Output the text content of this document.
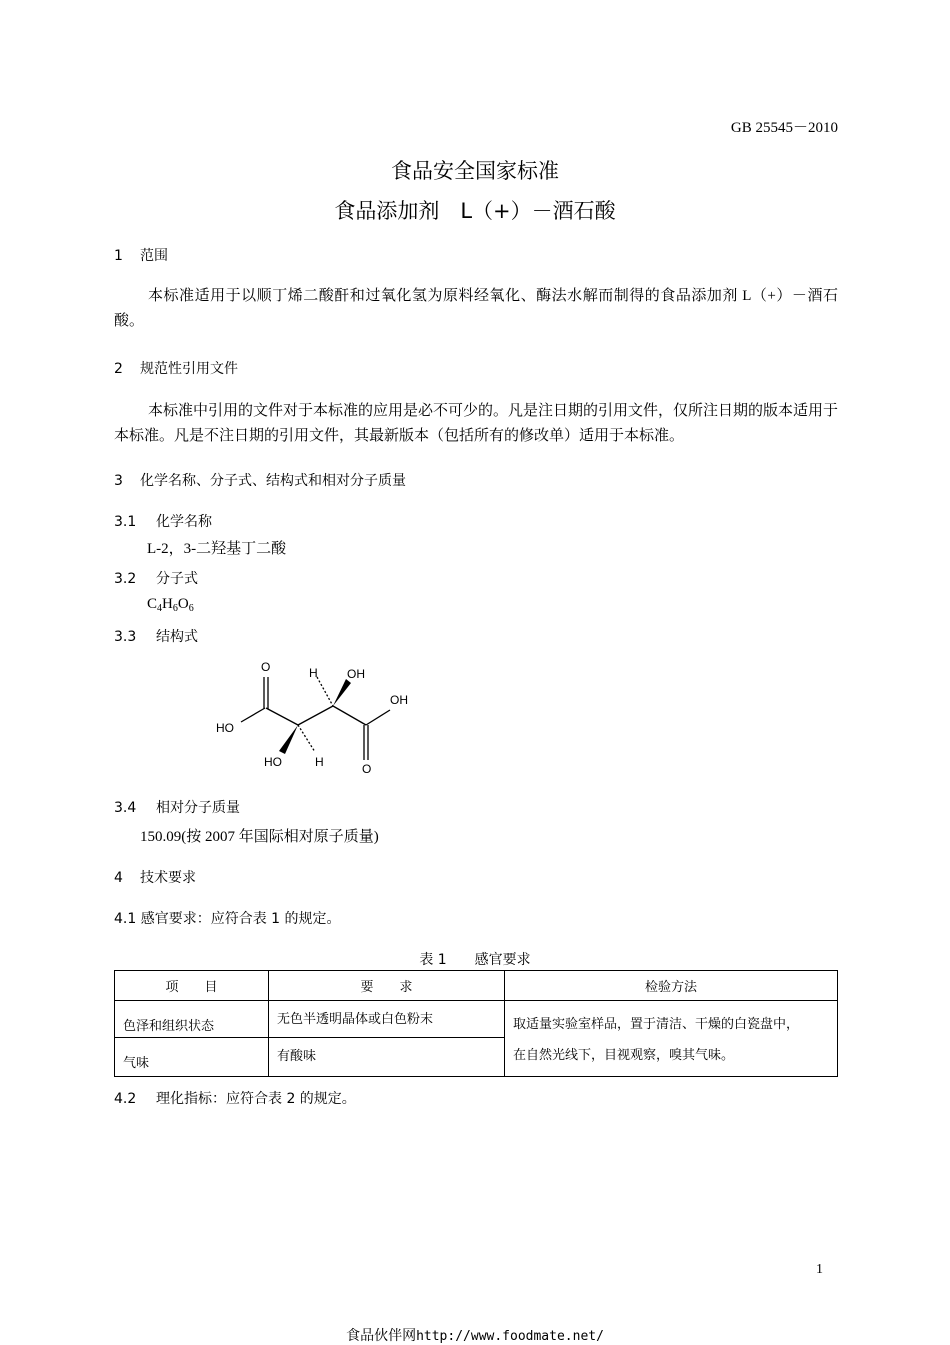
GB 25545－2010
食品安全国家标准
食品添加剂　L（+）－酒石酸
1 范围
本标准适用于以顺丁烯二酸酐和过氧化氢为原料经氧化、酶法水解而制得的食品添加剂 L（+）－酒石酸。
2 规范性引用文件
本标准中引用的文件对于本标准的应用是必不可少的。凡是注日期的引用文件，仅所注日期的版本适用于本标准。凡是不注日期的引用文件，其最新版本（包括所有的修改单）适用于本标准。
3 化学名称、分子式、结构式和相对分子质量
3.1 化学名称
L-2，3-二羟基丁二酸
3.2 分子式
$C_4H_6O_6$
3.3 结构式
O	H OH
OH
HO
HO	H	O
3.4 相对分子质量
150.09(按 2007 年国际相对原子质量)
4 技术要求
4.1 感官要求：应符合表 1 的规定。
表 1　　感官要求
项　　目	要　　求	检验方法
色泽和组织状态	无色半透明晶体或白色粉末	取适量实验室样品，置于清洁、干燥的白瓷盘中，
在自然光线下，目视观察，嗅其气味。
气味	有酸味	
4.2 理化指标：应符合表 2 的规定。
1
食品伙伴网http://www.foodmate.net/
